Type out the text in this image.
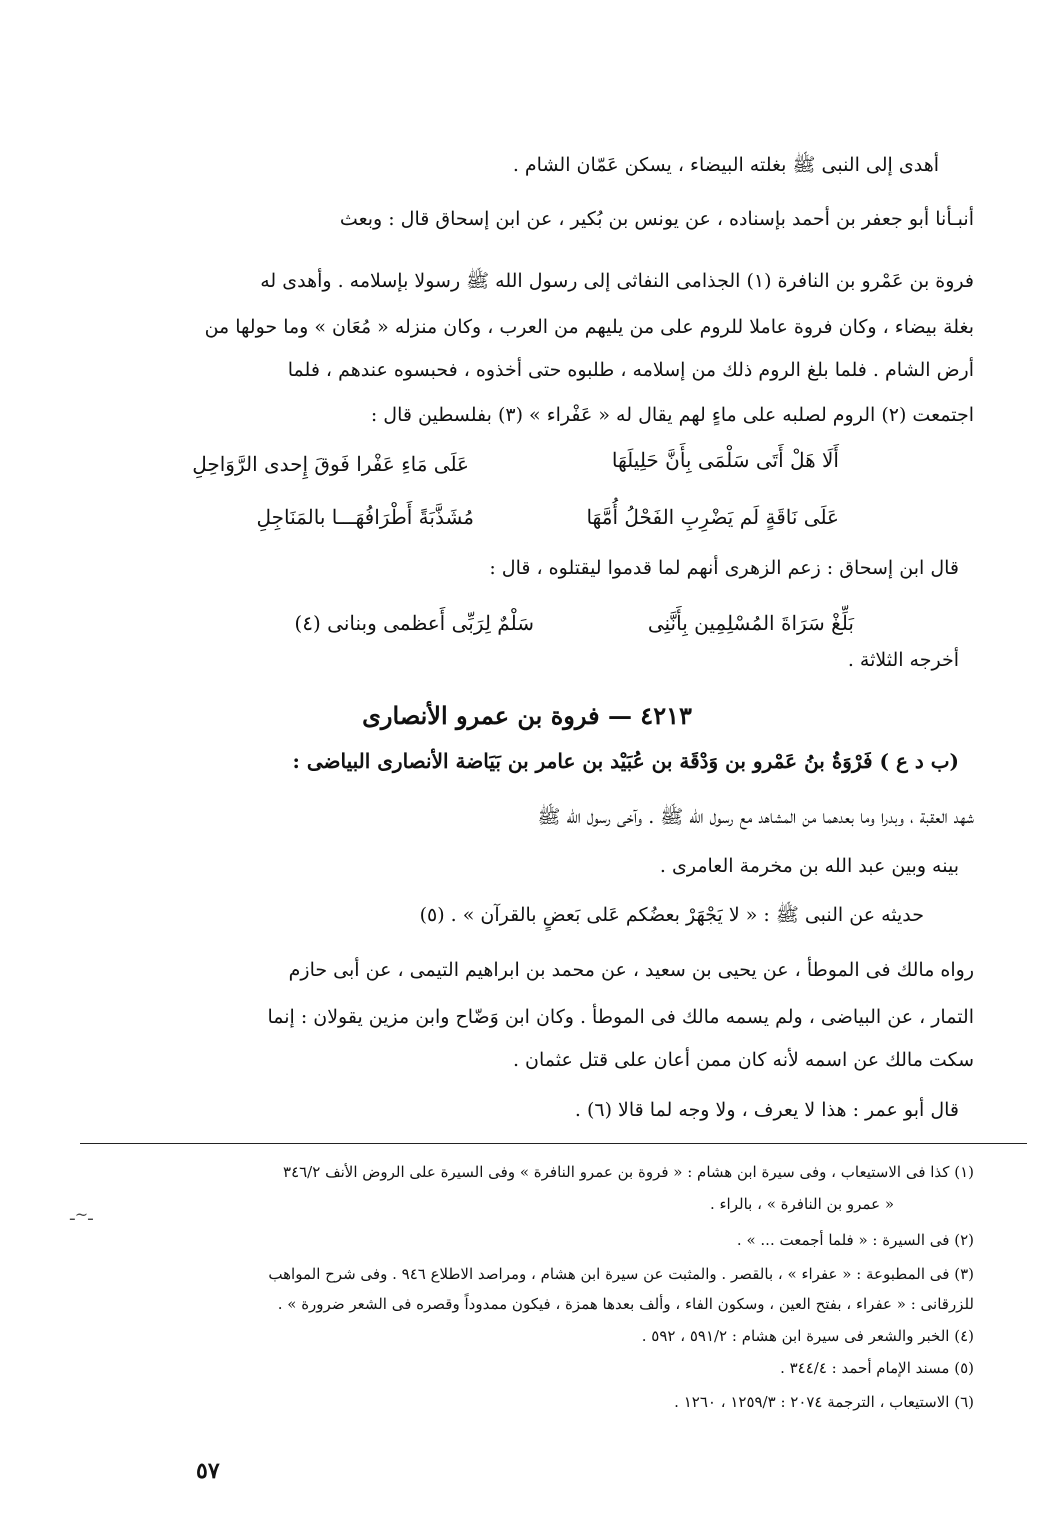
أهدى إلى النبى ﷺ بغلته البيضاء ، يسكن عَمّان الشام .
أنبـأنا أبو جعفر بن أحمد بإسناده ، عن يونس بن بُكير ، عن ابن إسحاق قال : وبعث
فروة بن عَمْرو بن النافرة (١) الجذامى النفاثى إلى رسول الله ﷺ رسولا بإسلامه . وأهدى له
بغلة بيضاء ، وكان فروة عاملا للروم على من يليهم من العرب ، وكان منزله « مُعَان » وما حولها من
أرض الشام . فلما بلغ الروم ذلك من إسلامه ، طلبوه حتى أخذوه ، فحبسوه عندهم ، فلما
اجتمعت (٢) الروم لصلبه على ماءٍ لهم يقال له « عَفْراء » (٣) بفلسطين قال :
أَلَا هَلْ أَتَى سَلْمَى بِأَنَّ حَلِيلَهَا
عَلَى مَاءِ عَفْرا فَوقَ إِحدى الرَّوَاحِلِ
عَلَى نَاقَةٍ لَم يَضْرِبِ الفَحْلُ أُمَّهَا
مُشَذَّبَةً أَطْرَافُهَـــا بالمَنَاجِلِ
قال ابن إسحاق : زعم الزهرى أنهم لما قدموا ليقتلوه ، قال :
بَلِّغْ سَرَاةَ المُسْلِمِين بِأَنَّنِى
سَلْمٌ لِرَبِّى أَعظمى وبنانى (٤)
أخرجه الثلاثة .
٤٢١٣ — فروة بن عمرو الأنصارى
(ب د ع ) فَرْوَةُ بنُ عَمْرو بن وَدْقَة بن عُبَيْد بن عامر بن بَيَاضة الأنصارى البياضى :
شهد العقبة ، وبدرا وما بعدهما من المشاهد مع رسول الله ﷺ . وآخى رسول الله ﷺ
بينه وبين عبد الله بن مخرمة العامرى .
حديثه عن النبى ﷺ : « لا يَجْهَرْ بعضُكم عَلى بَعضٍ بالقرآن » . (٥)
رواه مالك فى الموطأ ، عن يحيى بن سعيد ، عن محمد بن ابراهيم التيمى ، عن أبى حازم
التمار ، عن البياضى ، ولم يسمه مالك فى الموطأ . وكان ابن وَضّاح وابن مزين يقولان : إنما
سكت مالك عن اسمه لأنه كان ممن أعان على قتل عثمان .
قال أبو عمر : هذا لا يعرف ، ولا وجه لما قالا (٦) .
(١) كذا فى الاستيعاب ، وفى سيرة ابن هشام : « فروة بن عمرو النافرة » وفى السيرة على الروض الأنف ٣٤٦/٢
« عمرو بن النافرة » ، بالراء .
(٢) فى السيرة : « فلما أجمعت ... » .
(٣) فى المطبوعة : « عفراء » ، بالقصر . والمثبت عن سيرة ابن هشام ، ومراصد الاطلاع ٩٤٦ . وفى شرح المواهب
للزرقانى : « عفراء ، بفتح العين ، وسكون الفاء ، وألف بعدها همزة ، فيكون ممدوداً وقصره فى الشعر ضرورة » .
(٤) الخبر والشعر فى سيرة ابن هشام : ٥٩١/٢ ، ٥٩٢ .
(٥) مسند الإمام أحمد : ٣٤٤/٤ .
(٦) الاستيعاب ، الترجمة ٢٠٧٤ : ١٢٥٩/٣ ، ١٢٦٠ .
ـ~ـ
٥٧
